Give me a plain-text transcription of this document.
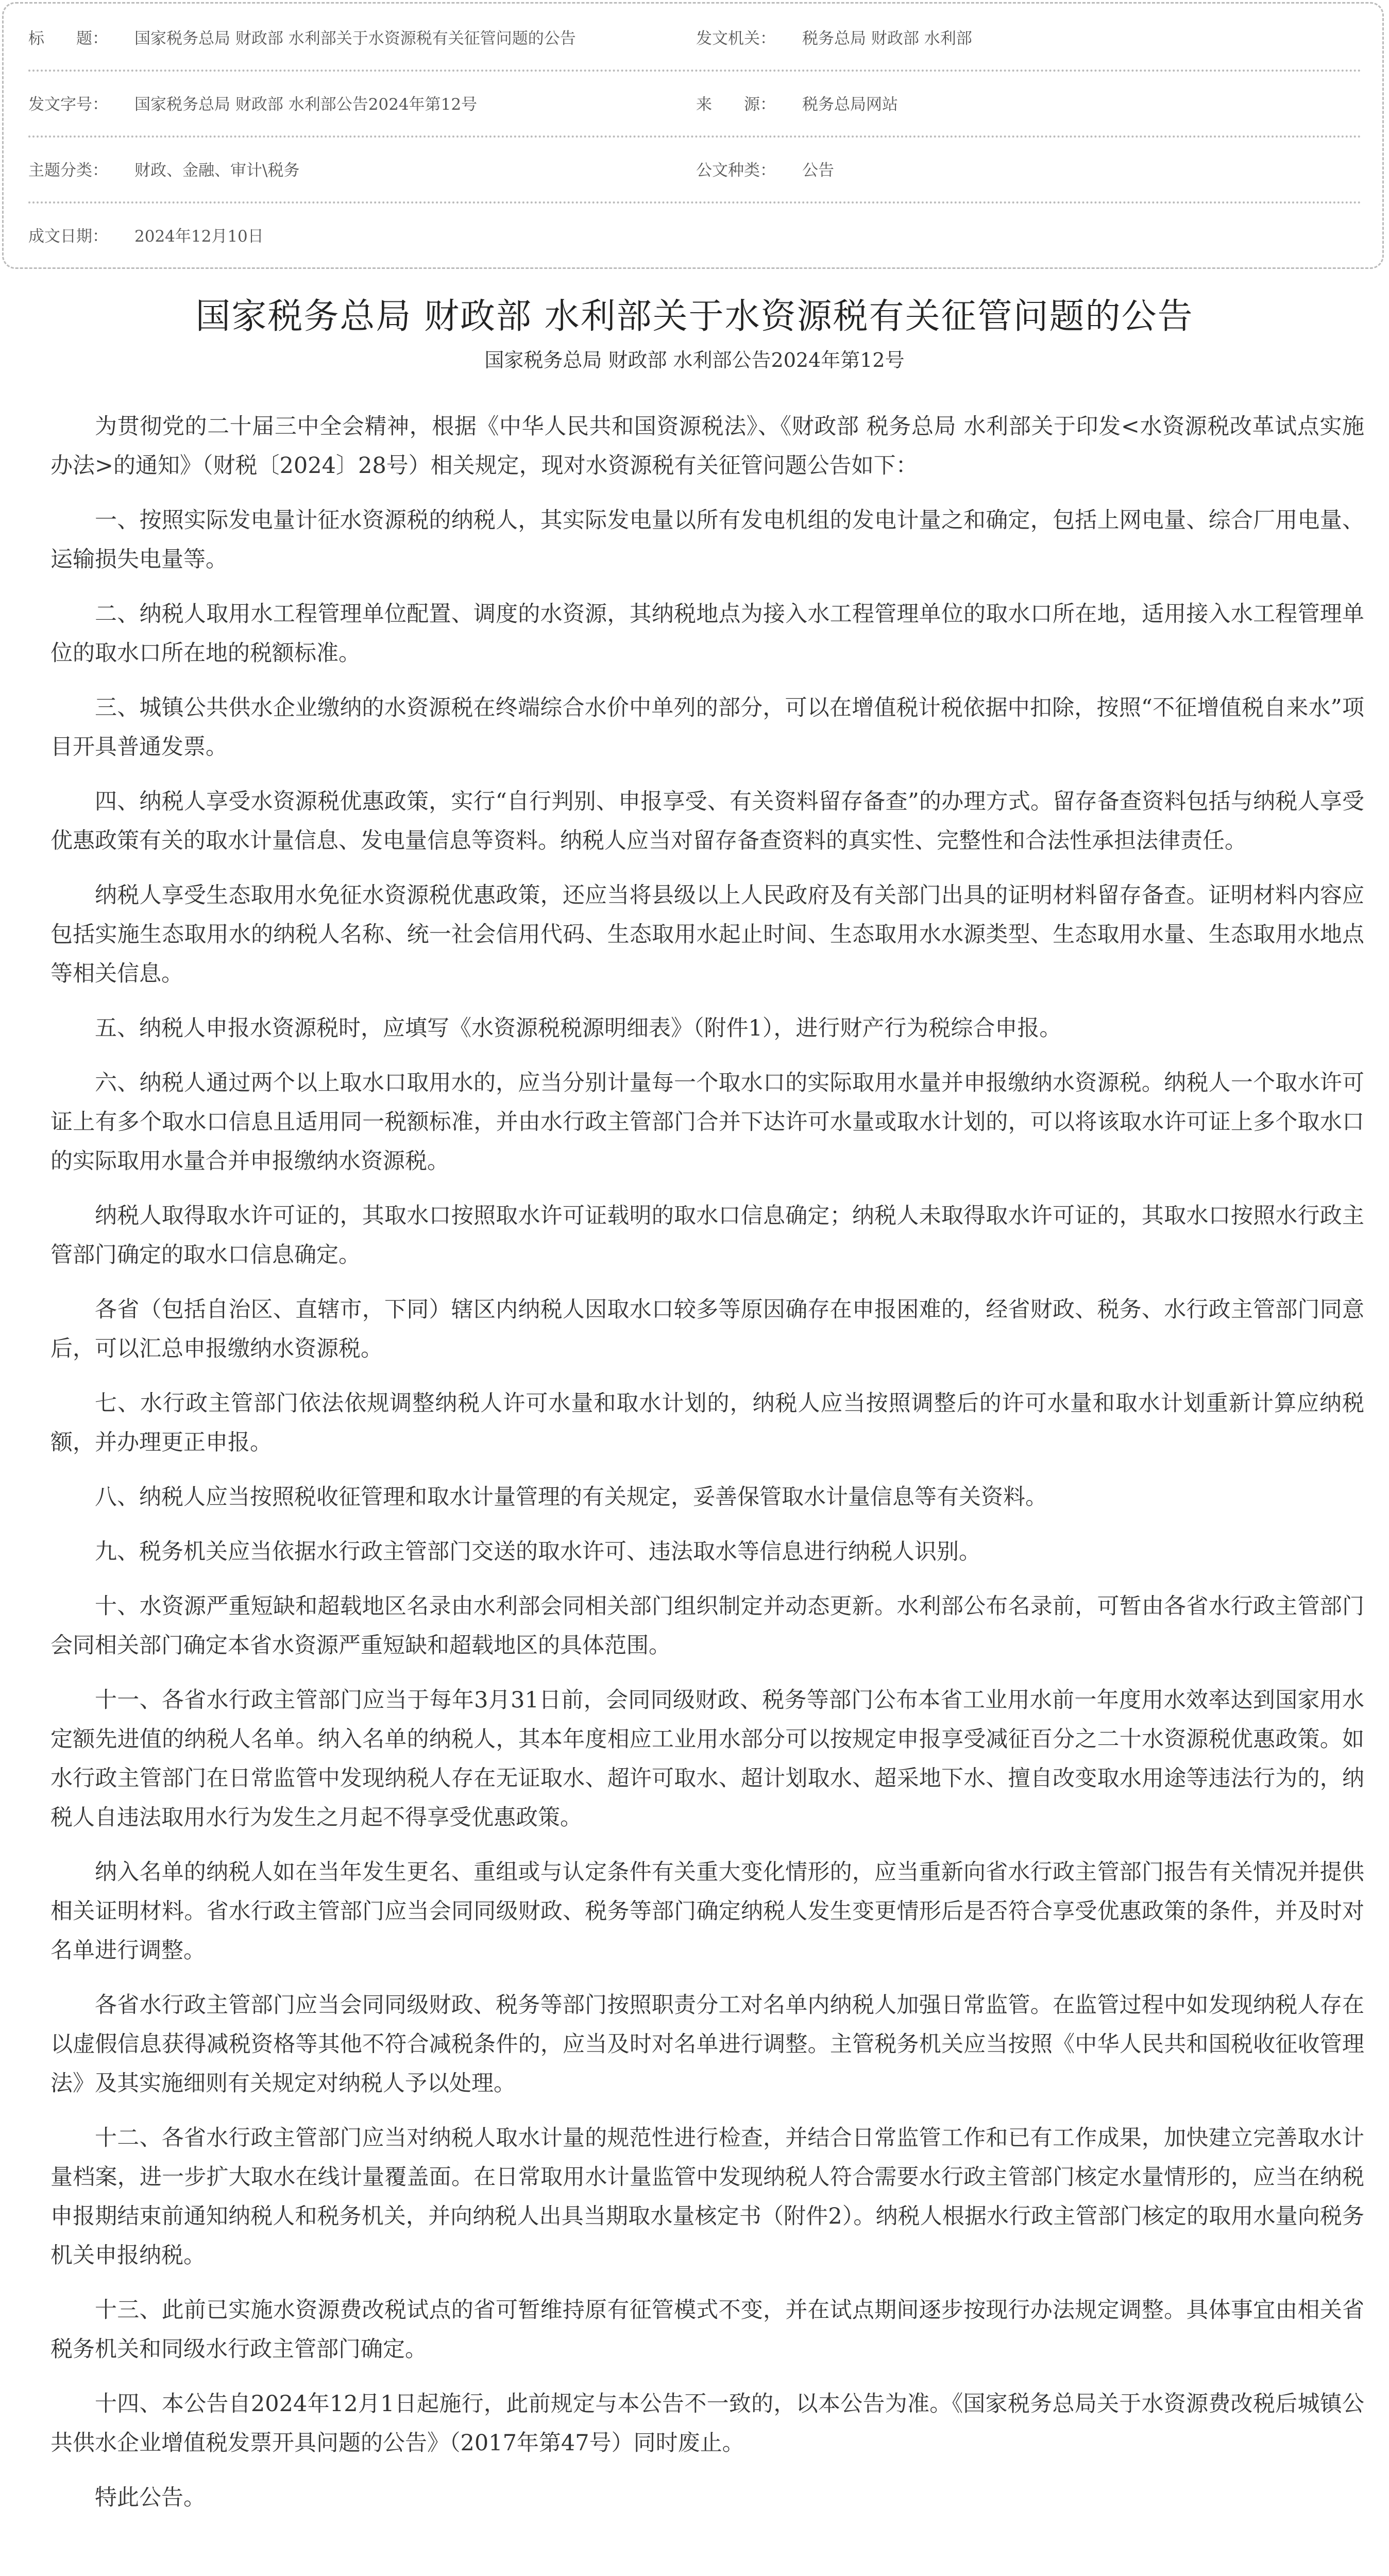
标　　题：	国家税务总局 财政部 水利部关于水资源税有关征管问题的公告	发文机关：	税务总局 财政部 水利部
发文字号：	国家税务总局 财政部 水利部公告2024年第12号	来　　源：	税务总局网站
主题分类：	财政、金融、审计\税务	公文种类：	公告
成文日期：	2024年12月10日
国家税务总局 财政部 水利部关于水资源税有关征管问题的公告
国家税务总局 财政部 水利部公告2024年第12号

为贯彻党的二十届三中全会精神，根据《中华人民共和国资源税法》、《财政部 税务总局 水利部关于印发<水资源税改革试点实施办法>的通知》（财税〔2024〕28号）相关规定，现对水资源税有关征管问题公告如下：

一、按照实际发电量计征水资源税的纳税人，其实际发电量以所有发电机组的发电计量之和确定，包括上网电量、综合厂用电量、运输损失电量等。

二、纳税人取用水工程管理单位配置、调度的水资源，其纳税地点为接入水工程管理单位的取水口所在地，适用接入水工程管理单位的取水口所在地的税额标准。

三、城镇公共供水企业缴纳的水资源税在终端综合水价中单列的部分，可以在增值税计税依据中扣除，按照“不征增值税自来水”项目开具普通发票。

四、纳税人享受水资源税优惠政策，实行“自行判别、申报享受、有关资料留存备查”的办理方式。留存备查资料包括与纳税人享受优惠政策有关的取水计量信息、发电量信息等资料。纳税人应当对留存备查资料的真实性、完整性和合法性承担法律责任。

纳税人享受生态取用水免征水资源税优惠政策，还应当将县级以上人民政府及有关部门出具的证明材料留存备查。证明材料内容应包括实施生态取用水的纳税人名称、统一社会信用代码、生态取用水起止时间、生态取用水水源类型、生态取用水量、生态取用水地点等相关信息。

五、纳税人申报水资源税时，应填写《水资源税税源明细表》（附件1），进行财产行为税综合申报。

六、纳税人通过两个以上取水口取用水的，应当分别计量每一个取水口的实际取用水量并申报缴纳水资源税。纳税人一个取水许可证上有多个取水口信息且适用同一税额标准，并由水行政主管部门合并下达许可水量或取水计划的，可以将该取水许可证上多个取水口的实际取用水量合并申报缴纳水资源税。

纳税人取得取水许可证的，其取水口按照取水许可证载明的取水口信息确定；纳税人未取得取水许可证的，其取水口按照水行政主管部门确定的取水口信息确定。

各省（包括自治区、直辖市，下同）辖区内纳税人因取水口较多等原因确存在申报困难的，经省财政、税务、水行政主管部门同意后，可以汇总申报缴纳水资源税。

七、水行政主管部门依法依规调整纳税人许可水量和取水计划的，纳税人应当按照调整后的许可水量和取水计划重新计算应纳税额，并办理更正申报。

八、纳税人应当按照税收征管理和取水计量管理的有关规定，妥善保管取水计量信息等有关资料。

九、税务机关应当依据水行政主管部门交送的取水许可、违法取水等信息进行纳税人识别。

十、水资源严重短缺和超载地区名录由水利部会同相关部门组织制定并动态更新。水利部公布名录前，可暂由各省水行政主管部门会同相关部门确定本省水资源严重短缺和超载地区的具体范围。

十一、各省水行政主管部门应当于每年3月31日前，会同同级财政、税务等部门公布本省工业用水前一年度用水效率达到国家用水定额先进值的纳税人名单。纳入名单的纳税人，其本年度相应工业用水部分可以按规定申报享受减征百分之二十水资源税优惠政策。如水行政主管部门在日常监管中发现纳税人存在无证取水、超许可取水、超计划取水、超采地下水、擅自改变取水用途等违法行为的，纳税人自违法取用水行为发生之月起不得享受优惠政策。

纳入名单的纳税人如在当年发生更名、重组或与认定条件有关重大变化情形的，应当重新向省水行政主管部门报告有关情况并提供相关证明材料。省水行政主管部门应当会同同级财政、税务等部门确定纳税人发生变更情形后是否符合享受优惠政策的条件，并及时对名单进行调整。

各省水行政主管部门应当会同同级财政、税务等部门按照职责分工对名单内纳税人加强日常监管。在监管过程中如发现纳税人存在以虚假信息获得减税资格等其他不符合减税条件的，应当及时对名单进行调整。主管税务机关应当按照《中华人民共和国税收征收管理法》及其实施细则有关规定对纳税人予以处理。

十二、各省水行政主管部门应当对纳税人取水计量的规范性进行检查，并结合日常监管工作和已有工作成果，加快建立完善取水计量档案，进一步扩大取水在线计量覆盖面。在日常取用水计量监管中发现纳税人符合需要水行政主管部门核定水量情形的，应当在纳税申报期结束前通知纳税人和税务机关，并向纳税人出具当期取水量核定书（附件2）。纳税人根据水行政主管部门核定的取用水量向税务机关申报纳税。

十三、此前已实施水资源费改税试点的省可暂维持原有征管模式不变，并在试点期间逐步按现行办法规定调整。具体事宜由相关省税务机关和同级水行政主管部门确定。

十四、本公告自2024年12月1日起施行，此前规定与本公告不一致的，以本公告为准。《国家税务总局关于水资源费改税后城镇公共供水企业增值税发票开具问题的公告》（2017年第47号）同时废止。

特此公告。
